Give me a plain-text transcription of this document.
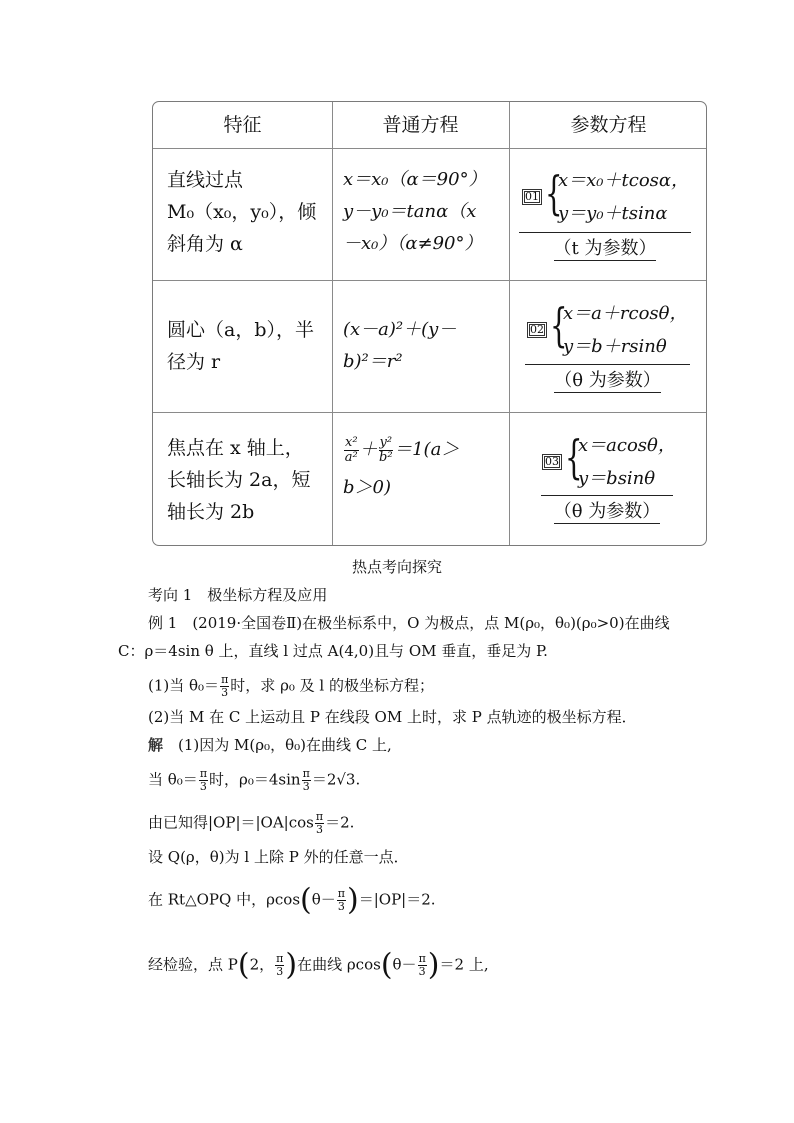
特征	普通方程	参数方程
直线过点
M₀（x₀，y₀），倾
斜角为 α
x＝x₀（α＝90°）
y－y₀＝tanα（x
－x₀）（α≠90°）
01 {
x＝x₀＋tcosα，
y＝y₀＋tsinα
（t 为参数）
圆心（a，b），半
径为 r
(x－a)²＋(y－
b)²＝r²
02 {
x＝a＋rcosθ，
y＝b＋rsinθ
（θ 为参数）
焦点在 x 轴上，
长轴长为 2a，短
轴长为 2b
$\frac{\text{x²}}{\text{a²}} + \frac{\text{y²}}{\text{b²}} =1(a>$
b＞0)
03 {
x＝acosθ，
y＝bsinθ
（θ 为参数）
热点考向探究
考向 1　极坐标方程及应用
例 1　(2019·全国卷Ⅱ)在极坐标系中，O 为极点，点 M(ρ₀，θ₀)(ρ₀>0)在曲线
C：ρ＝4sin θ 上，直线 l 过点 A(4,0)且与 OM 垂直，垂足为 P.
(1)当 $\theta_0= \frac{\pi}{3}$ 时，求 ρ₀ 及 l 的极坐标方程；
(2)当 M 在 C 上运动且 P 在线段 OM 上时，求 P 点轨迹的极坐标方程．
解　(1)因为 M(ρ₀，θ₀)在曲线 C 上,
当 $\theta_0= \frac{\pi}{3}$ 时，$\rho_0=4\sin \frac{\pi}{3} =2√3$.
由已知得$|OP|=|OA|\cos \frac{\pi}{3} =2$.
设 Q(ρ，θ)为 l 上除 P 外的任意一点．
在 Rt△OPQ 中，$\rho\cos(\theta- \frac{\pi}{3} )=|OP|=2$.
经检验，点 P(2， $\frac{\pi}{3}$ )在曲线 $\rho\cos(\theta- \frac{\pi}{3} )=2$ 上,
